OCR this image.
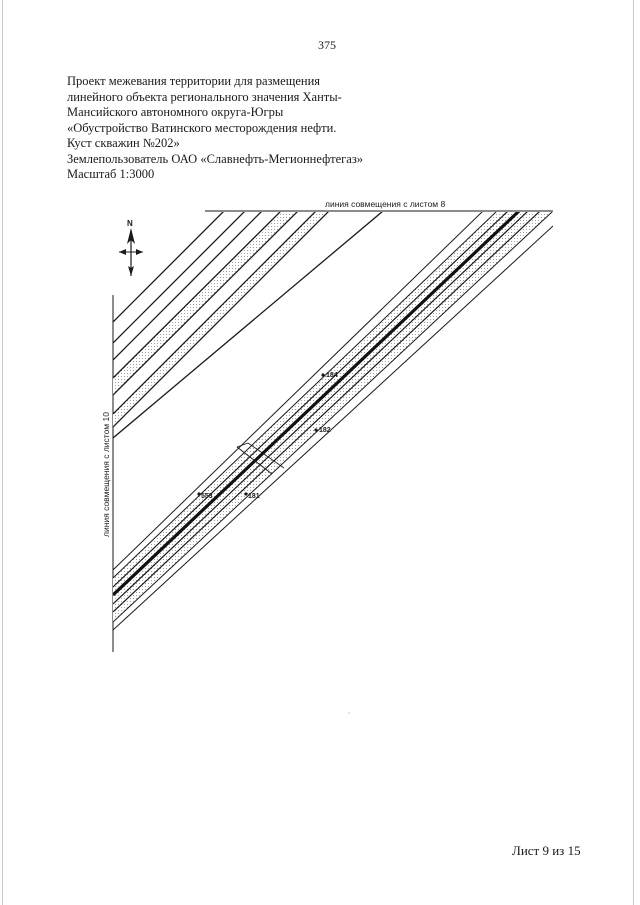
375
Проект межевания территории для размещения
линейного объекта регионального значения Ханты-
Мансийского автономного округа-Югры
«Обустройство Ватинского месторождения нефти.
Куст скважин №202»
Землепользователь ОАО «Славнефть-Мегионнефтегаз»
Масштаб 1:3000
184
182
553	181
линия совмещения с листом 8
линия совмещения с листом 10
N
Лист 9 из 15
